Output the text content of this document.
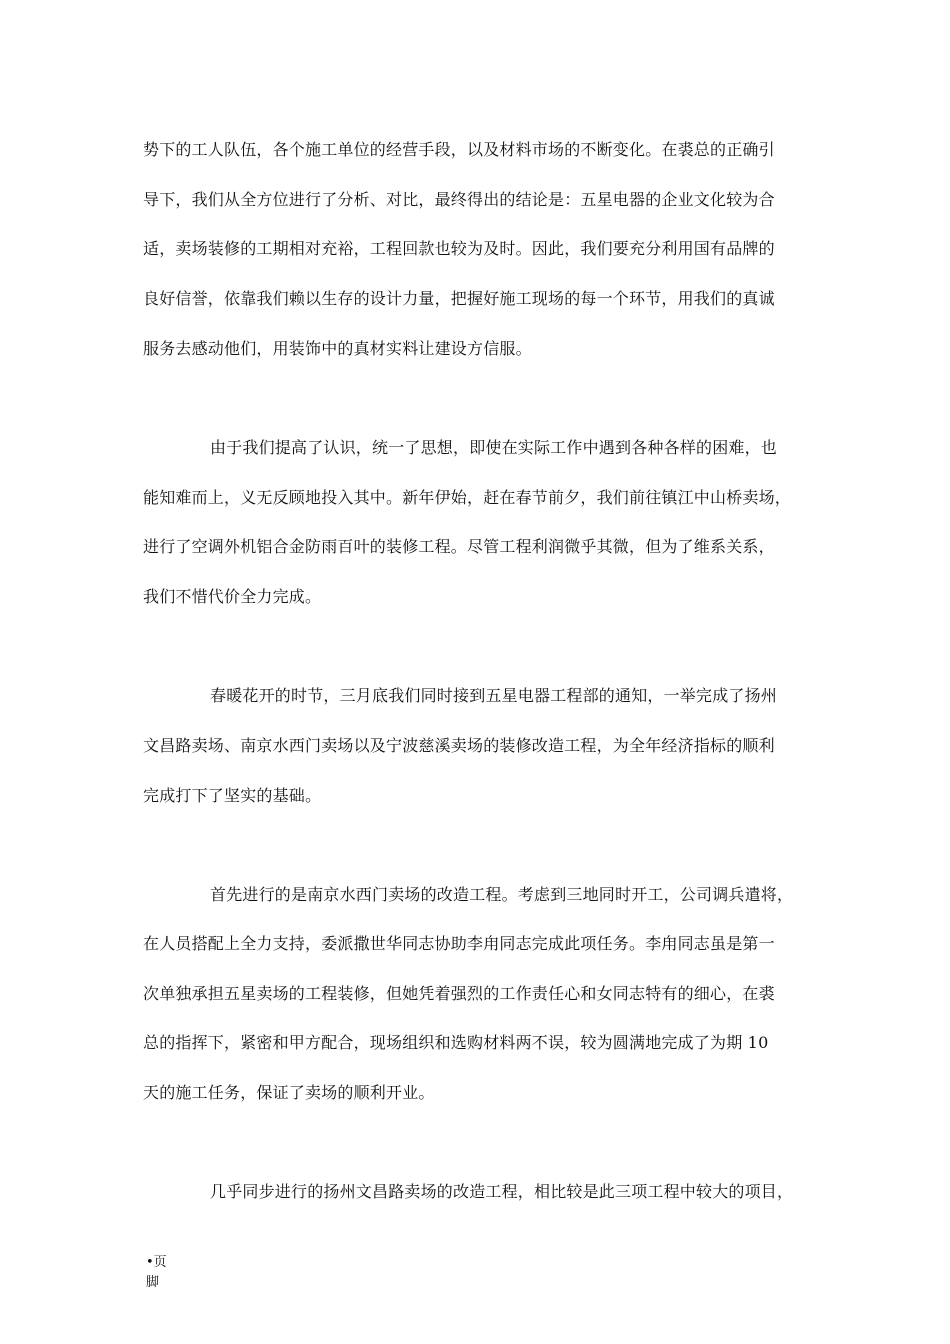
势下的工人队伍，各个施工单位的经营手段，以及材料市场的不断变化。在裘总的正确引
导下，我们从全方位进行了分析、对比，最终得出的结论是：五星电器的企业文化较为合
适，卖场装修的工期相对充裕，工程回款也较为及时。因此，我们要充分利用国有品牌的
良好信誉，依靠我们赖以生存的设计力量，把握好施工现场的每一个环节，用我们的真诚
服务去感动他们，用装饰中的真材实料让建设方信服。
由于我们提高了认识，统一了思想，即使在实际工作中遇到各种各样的困难，也
能知难而上，义无反顾地投入其中。新年伊始，赶在春节前夕，我们前往镇江中山桥卖场，
进行了空调外机铝合金防雨百叶的装修工程。尽管工程利润微乎其微，但为了维系关系，
我们不惜代价全力完成。
春暖花开的时节，三月底我们同时接到五星电器工程部的通知，一举完成了扬州
文昌路卖场、南京水西门卖场以及宁波慈溪卖场的装修改造工程，为全年经济指标的顺利
完成打下了坚实的基础。
首先进行的是南京水西门卖场的改造工程。考虑到三地同时开工，公司调兵遣将，
在人员搭配上全力支持，委派撒世华同志协助李甪同志完成此项任务。李甪同志虽是第一
次单独承担五星卖场的工程装修，但她凭着强烈的工作责任心和女同志特有的细心，在裘
总的指挥下，紧密和甲方配合，现场组织和选购材料两不误，较为圆满地完成了为期 10
天的施工任务，保证了卖场的顺利开业。
几乎同步进行的扬州文昌路卖场的改造工程，相比较是此三项工程中较大的项目，
•页
脚
